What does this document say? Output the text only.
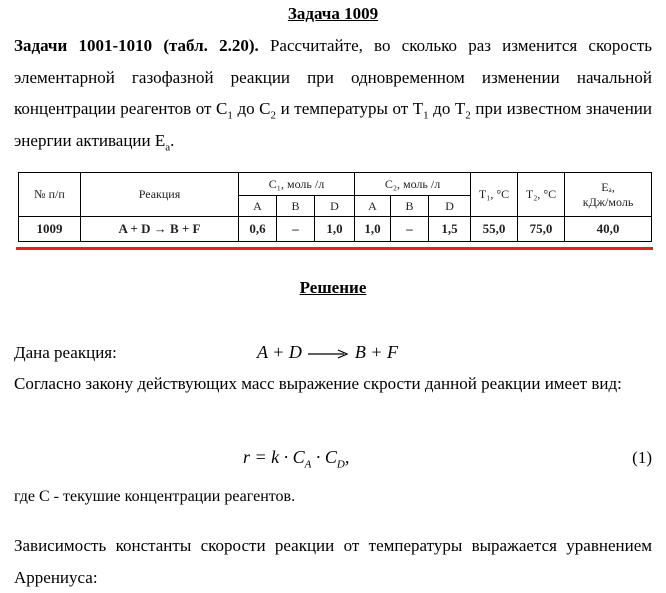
Задача 1009
Задачи 1001-1010 (табл. 2.20). Рассчитайте, во сколько раз изменится скорость элементарной газофазной реакции при одновременном изменении начальной концентрации реагентов от $C_1$ до $C_2$ и температуры от $T_1$ до $T_2$ при известном значении энергии активации $E_a$.
№ п/п	Реакция	C₁, моль /л			C₂, моль /л			T₁, °C	T₂, °C	Eₐ,
кДж/моль
		A	B	D	A	B	D			
1009	A + D → B + F	0,6	–	1,0	1,0	–	1,5	55,0	75,0	40,0
Решение
Дана реакция:	A + D	B + F
Согласно закону действующих масс выражение скрости данной реакции имеет вид:
$r = k \cdot C_A \cdot C_D$,	(1)
где С - текушие концентрации реагентов.
Зависимость константы скорости реакции от температуры выражается уравнением Аррениуса:
